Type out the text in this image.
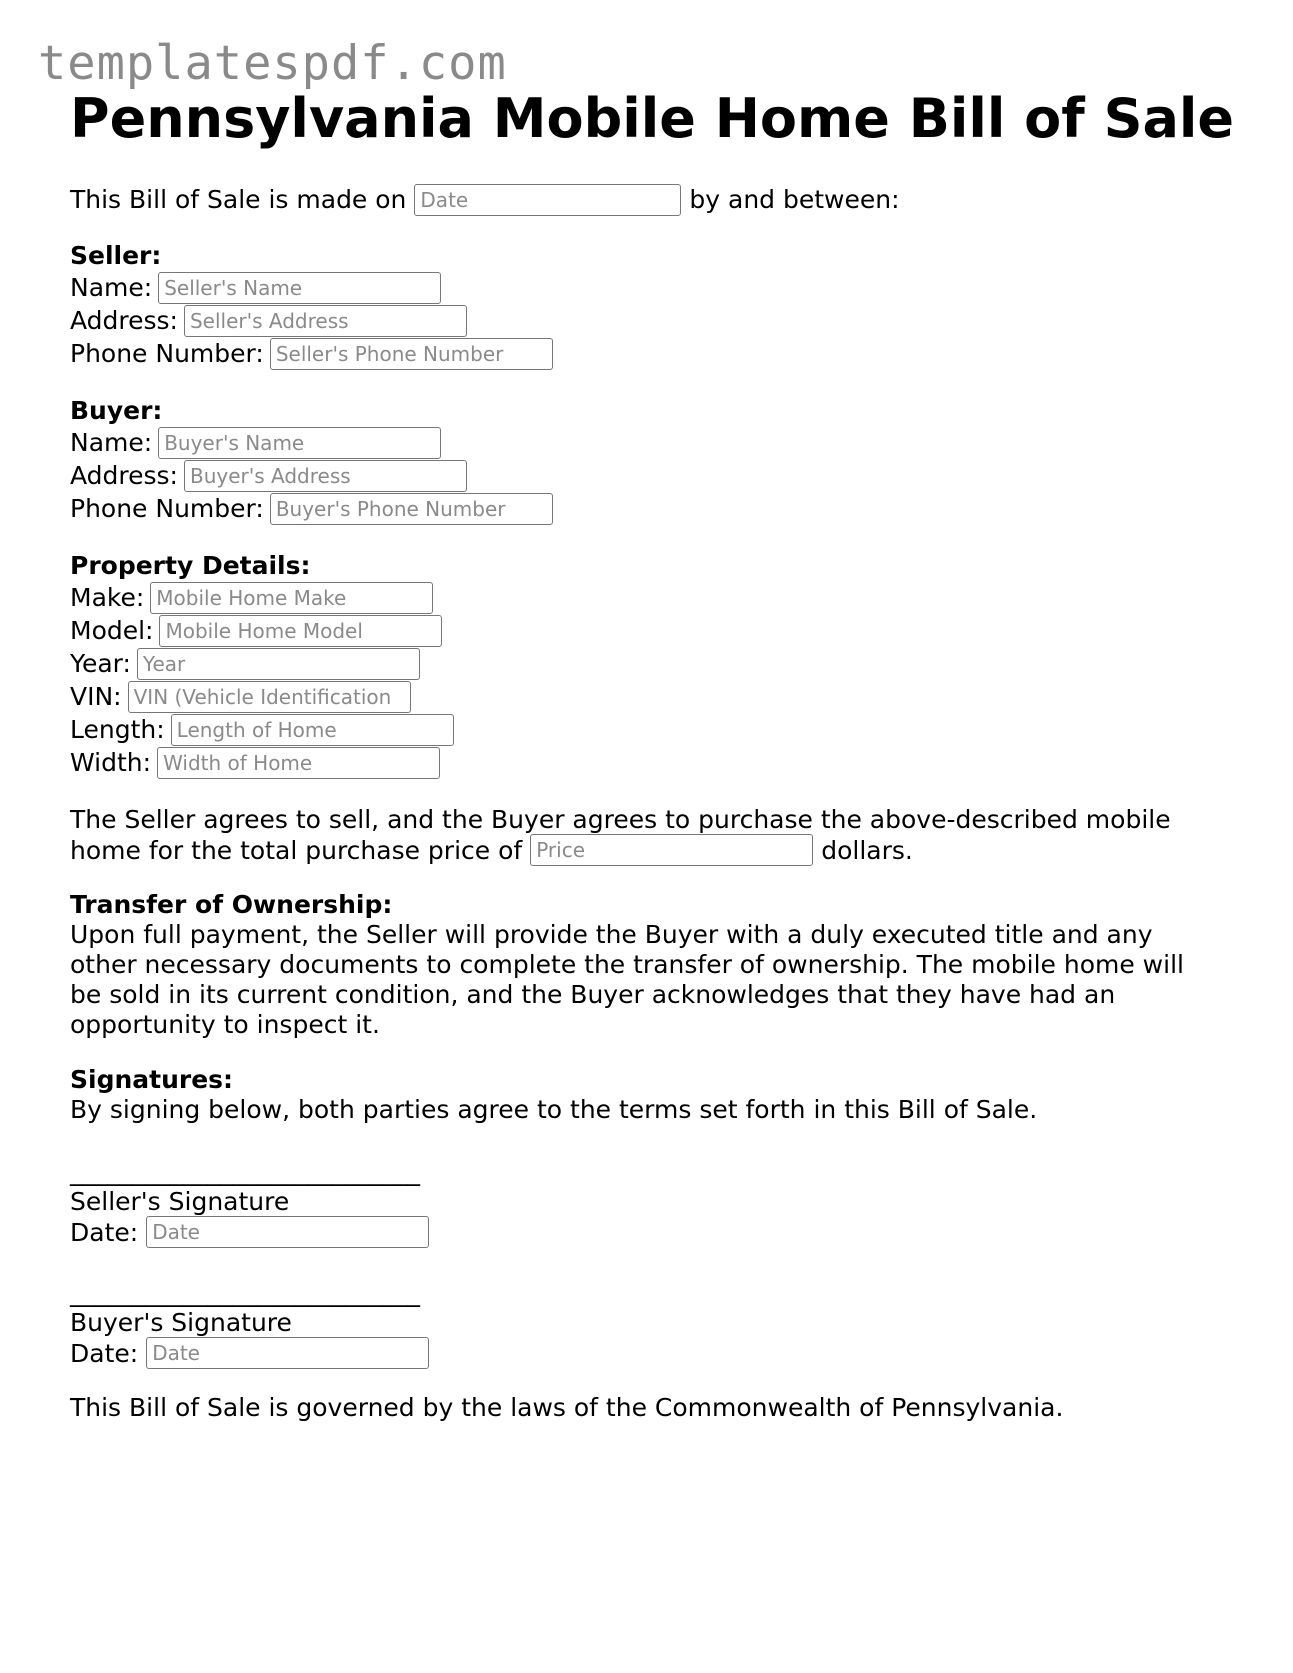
templatespdf.com
Pennsylvania Mobile Home Bill of Sale
This Bill of Sale is made on
Date	by and between:
Seller:
Name:
Seller's Name
Address:
Seller's Address
Phone Number:
Seller's Phone Number
Buyer:
Name:
Buyer's Name
Address:
Buyer's Address
Phone Number:
Buyer's Phone Number
Property Details:
Make:
Mobile Home Make
Model:
Mobile Home Model
Year:
Year
VIN:
VIN (Vehicle Identification
Length:
Length of Home
Width:
Width of Home
The Seller agrees to sell, and the Buyer agrees to purchase the above-described mobile
home for the total purchase price of
Price	dollars.
Transfer of Ownership:
Upon full payment, the Seller will provide the Buyer with a duly executed title and any
other necessary documents to complete the transfer of ownership. The mobile home will
be sold in its current condition, and the Buyer acknowledges that they have had an
opportunity to inspect it.
Signatures:
By signing below, both parties agree to the terms set forth in this Bill of Sale.
____________________________
Seller's Signature
Date:
Date
____________________________
Buyer's Signature
Date:
Date
This Bill of Sale is governed by the laws of the Commonwealth of Pennsylvania.
